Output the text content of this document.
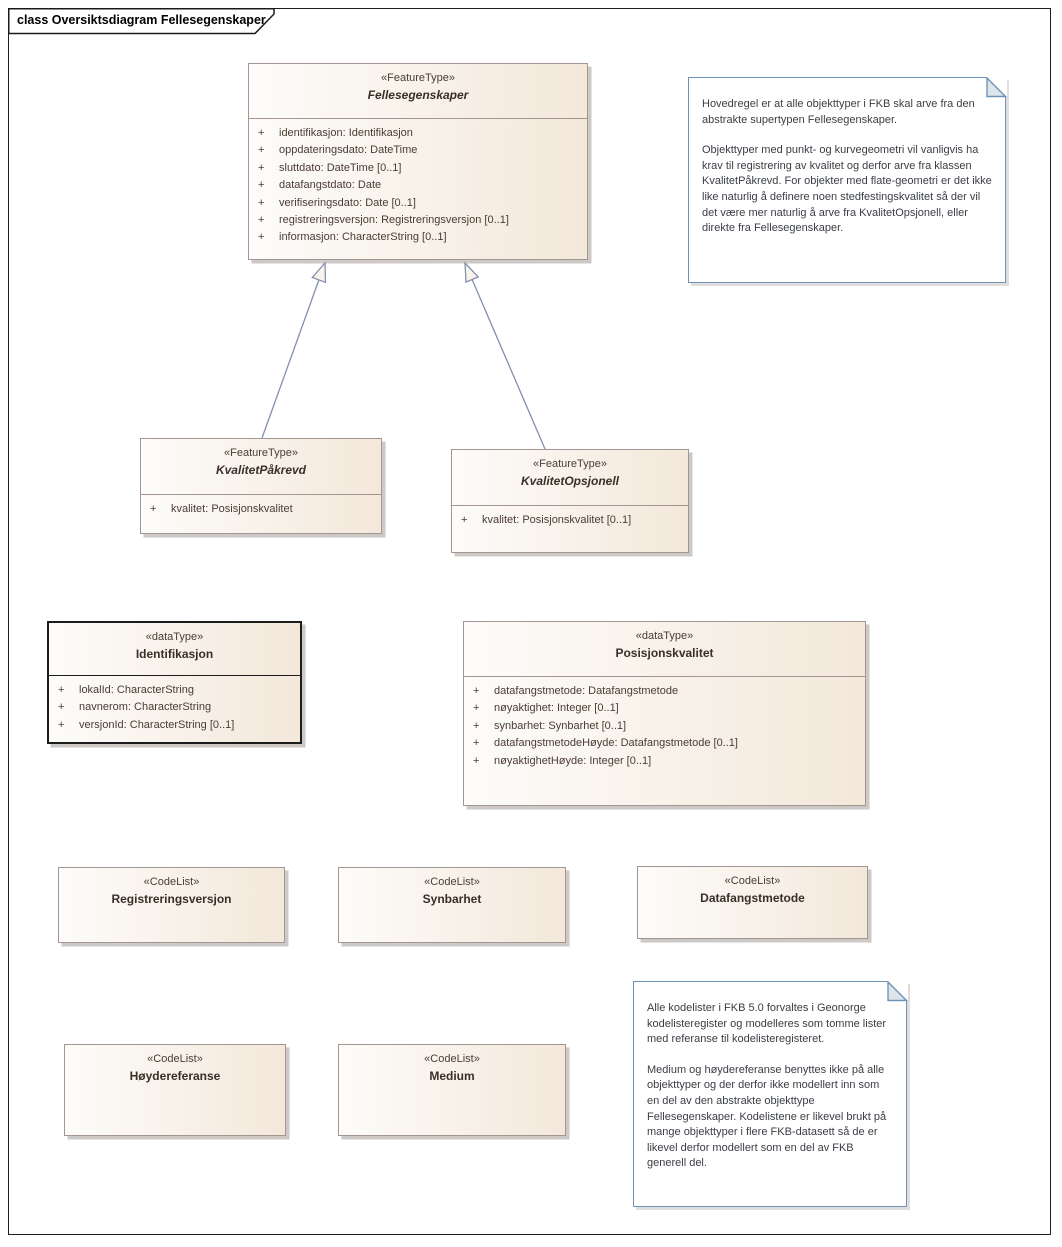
class Oversiktsdiagram Fellesegenskaper
«FeatureType»
Fellesegenskaper
+	identifikasjon: Identifikasjon
+	oppdateringsdato: DateTime
+	sluttdato: DateTime [0..1]
+	datafangstdato: Date
+	verifiseringsdato: Date [0..1]
+	registreringsversjon: Registreringsversjon [0..1]
+	informasjon: CharacterString [0..1]
Hovedregel er at alle objekttyper i FKB skal arve fra den abstrakte supertypen Fellesegenskaper.
Objekttyper med punkt- og kurvegeometri vil vanligvis ha krav til registrering av kvalitet og derfor arve fra klassen KvalitetPåkrevd. For objekter med flate-geometri er det ikke like naturlig å definere noen stedfestingskvalitet så der vil det være mer naturlig å arve fra KvalitetOpsjonell, eller direkte fra Fellesegenskaper.
«FeatureType»
KvalitetPåkrevd
+	kvalitet: Posisjonskvalitet
«FeatureType»
KvalitetOpsjonell
+	kvalitet: Posisjonskvalitet [0..1]
«dataType»
Identifikasjon
+	lokalId: CharacterString
+	navnerom: CharacterString
+	versjonId: CharacterString [0..1]
«dataType»
Posisjonskvalitet
+	datafangstmetode: Datafangstmetode
+	nøyaktighet: Integer [0..1]
+	synbarhet: Synbarhet [0..1]
+	datafangstmetodeHøyde: Datafangstmetode [0..1]
+	nøyaktighetHøyde: Integer [0..1]
«CodeList»
Registreringsversjon
«CodeList»
Synbarhet
«CodeList»
Datafangstmetode
«CodeList»
Høydereferanse
«CodeList»
Medium
Alle kodelister i FKB 5.0 forvaltes i Geonorge kodelisteregister og modelleres som tomme lister med referanse til kodelisteregisteret.
Medium og høydereferanse benyttes ikke på alle objekttyper og der derfor ikke modellert inn som en del av den abstrakte objekttype Fellesegenskaper. Kodelistene er likevel brukt på mange objekttyper i flere FKB-datasett så de er likevel derfor modellert som en del av FKB generell del.
